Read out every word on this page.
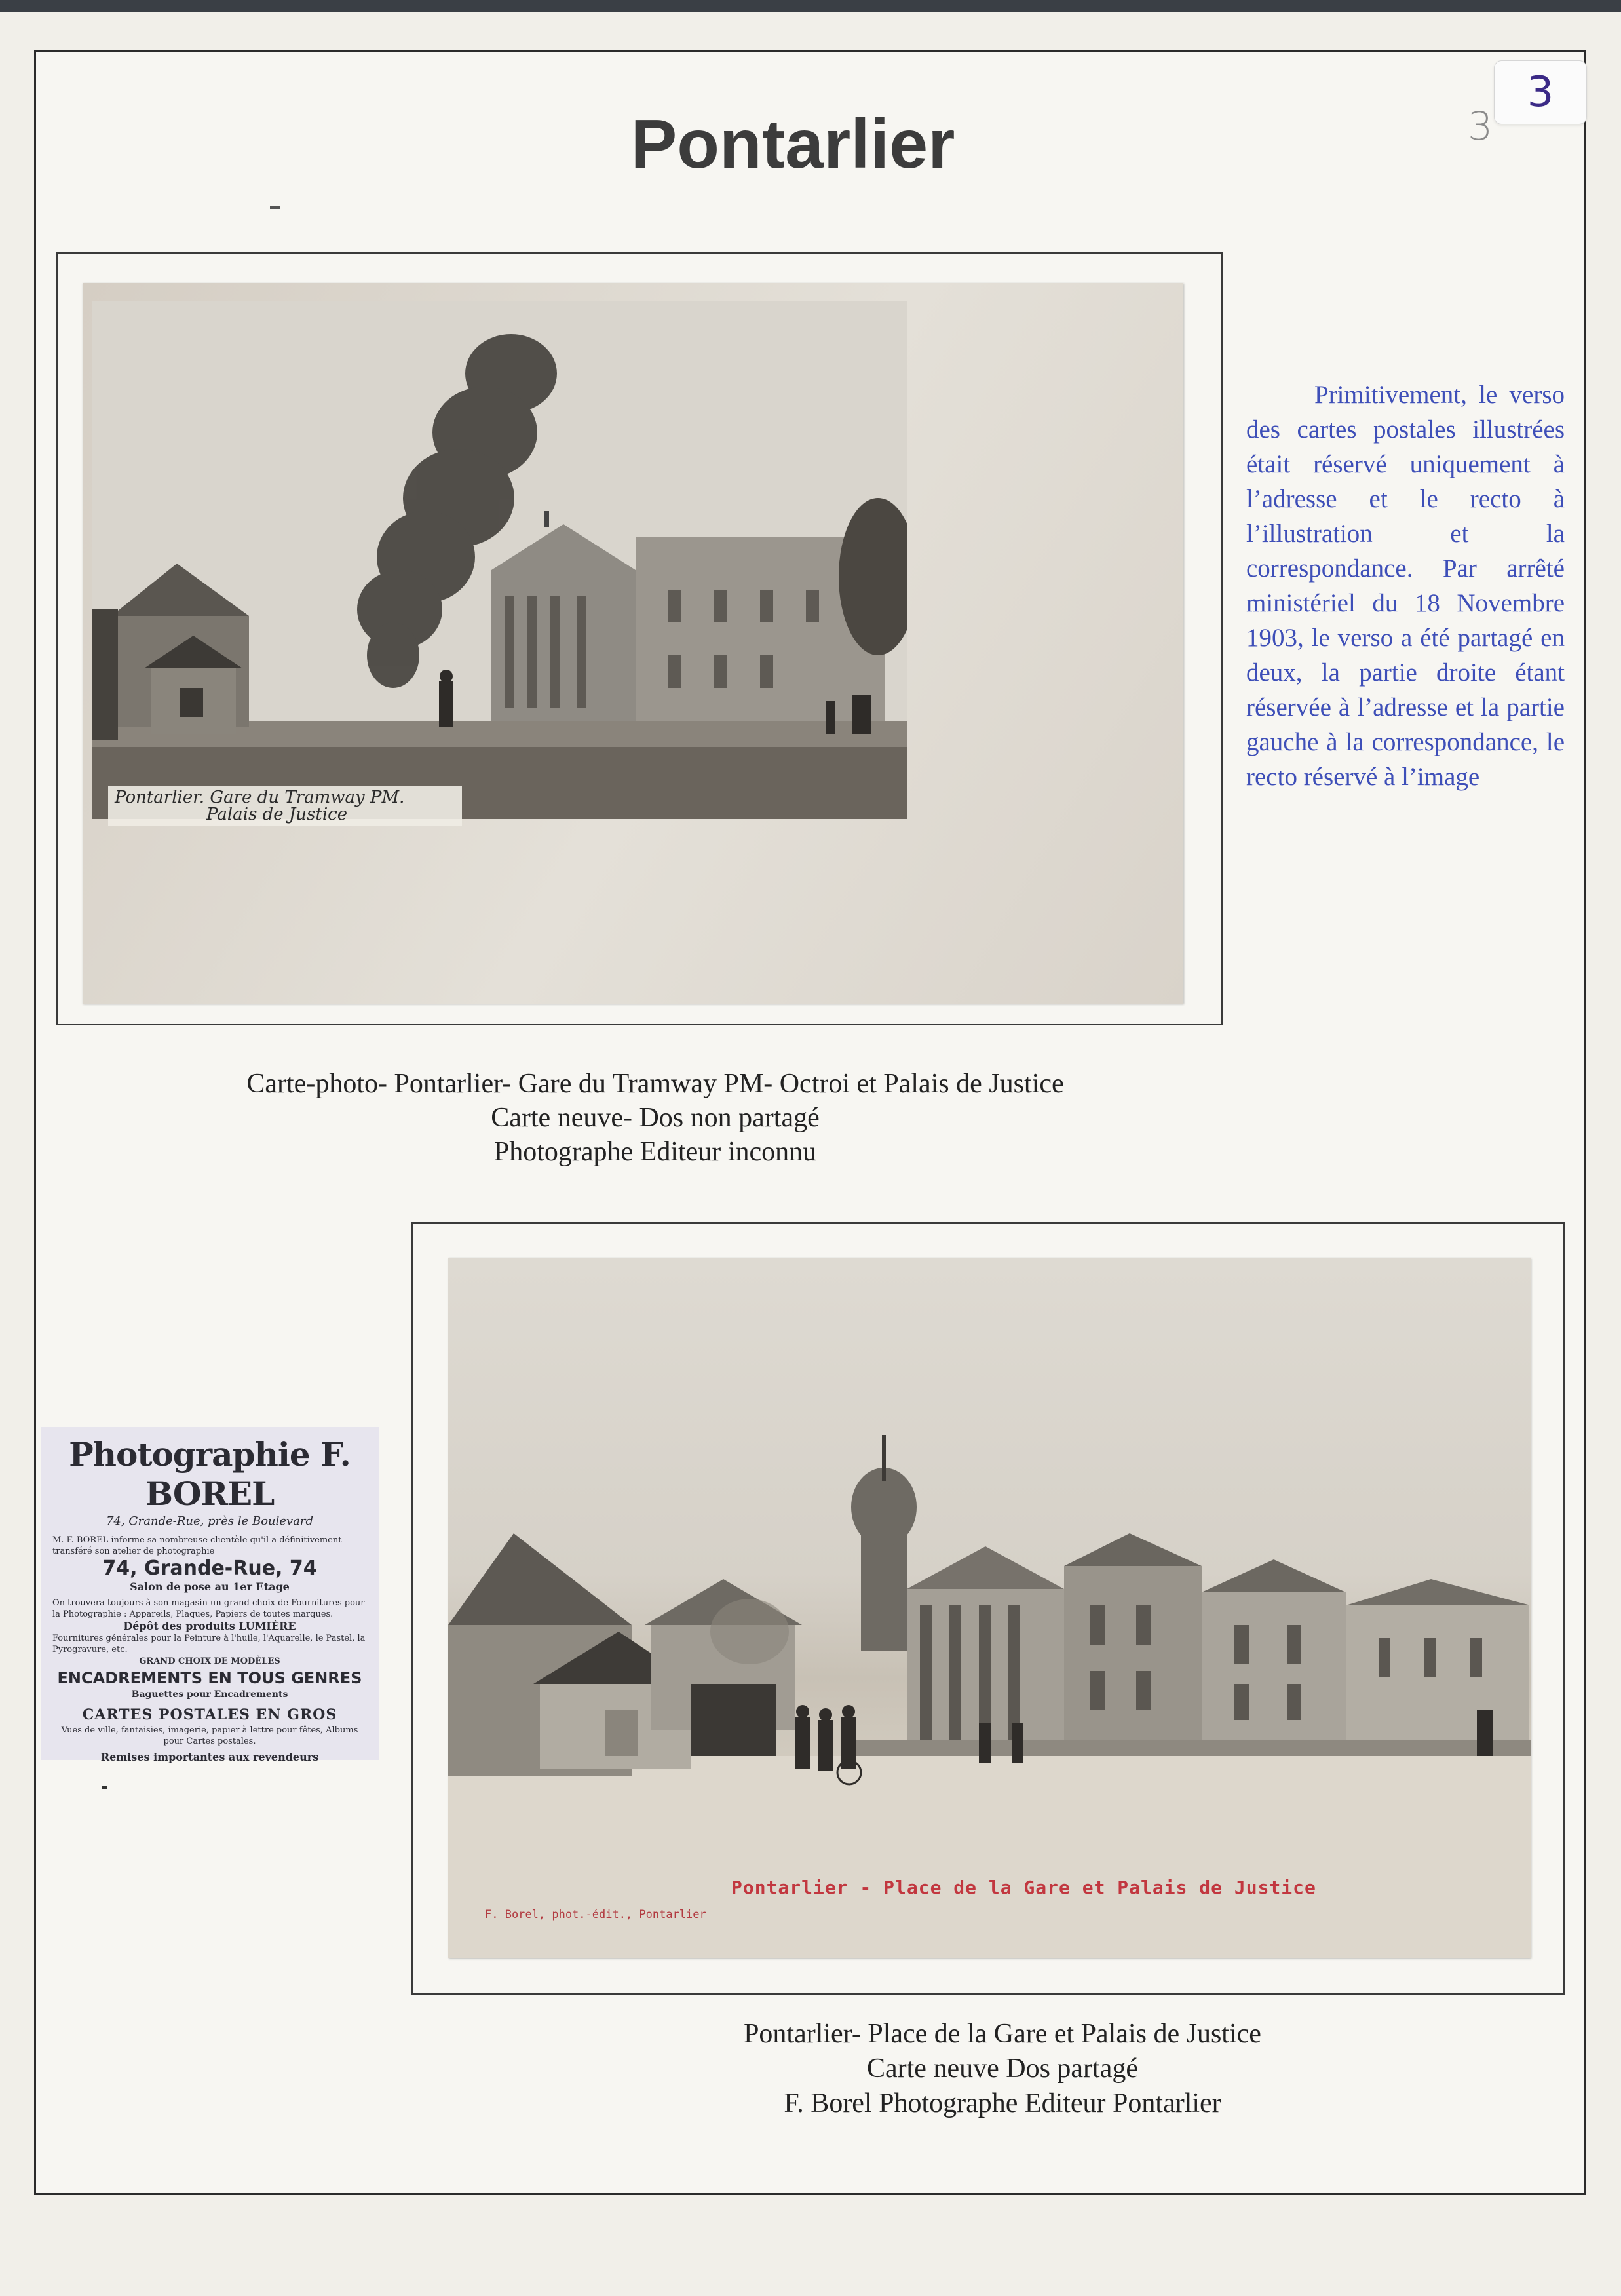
3
3
Pontarlier
Pontarlier. Gare du Tramway PM.
Palais de Justice
Carte-photo- Pontarlier- Gare du Tramway PM- Octroi et Palais de Justice
Carte neuve- Dos non partagé
Photographe Editeur inconnu
Primitivement, le verso des cartes postales illustrées était réservé uniquement à l’adresse et le recto à l’illustration et la correspondance. Par arrêté ministériel du 18 Novembre 1903, le verso a été partagé en deux, la partie droite étant réservée à l’adresse et la partie gauche à la correspondance, le recto réservé à l’image
Photographie F. BOREL
74, Grande-Rue, près le Boulevard
M. F. BOREL informe sa nombreuse clientèle qu'il a définitivement transféré son atelier de photographie
74, Grande-Rue, 74
Salon de pose au 1er Etage
On trouvera toujours à son magasin un grand choix de Fournitures pour la Photographie : Appareils, Plaques, Papiers de toutes marques.
Dépôt des produits LUMIÈRE
Fournitures générales pour la Peinture à l'huile, l'Aquarelle, le Pastel, la Pyrogravure, etc.
GRAND CHOIX DE MODÈLES
ENCADREMENTS EN TOUS GENRES
Baguettes pour Encadrements
CARTES POSTALES EN GROS
Vues de ville, fantaisies, imagerie, papier à lettre pour fêtes, Albums pour Cartes postales.
Remises importantes aux revendeurs
Pontarlier - Place de la Gare et Palais de Justice
F. Borel, phot.-édit., Pontarlier
Pontarlier- Place de la Gare et Palais de Justice
Carte neuve Dos partagé
F. Borel Photographe Editeur Pontarlier
